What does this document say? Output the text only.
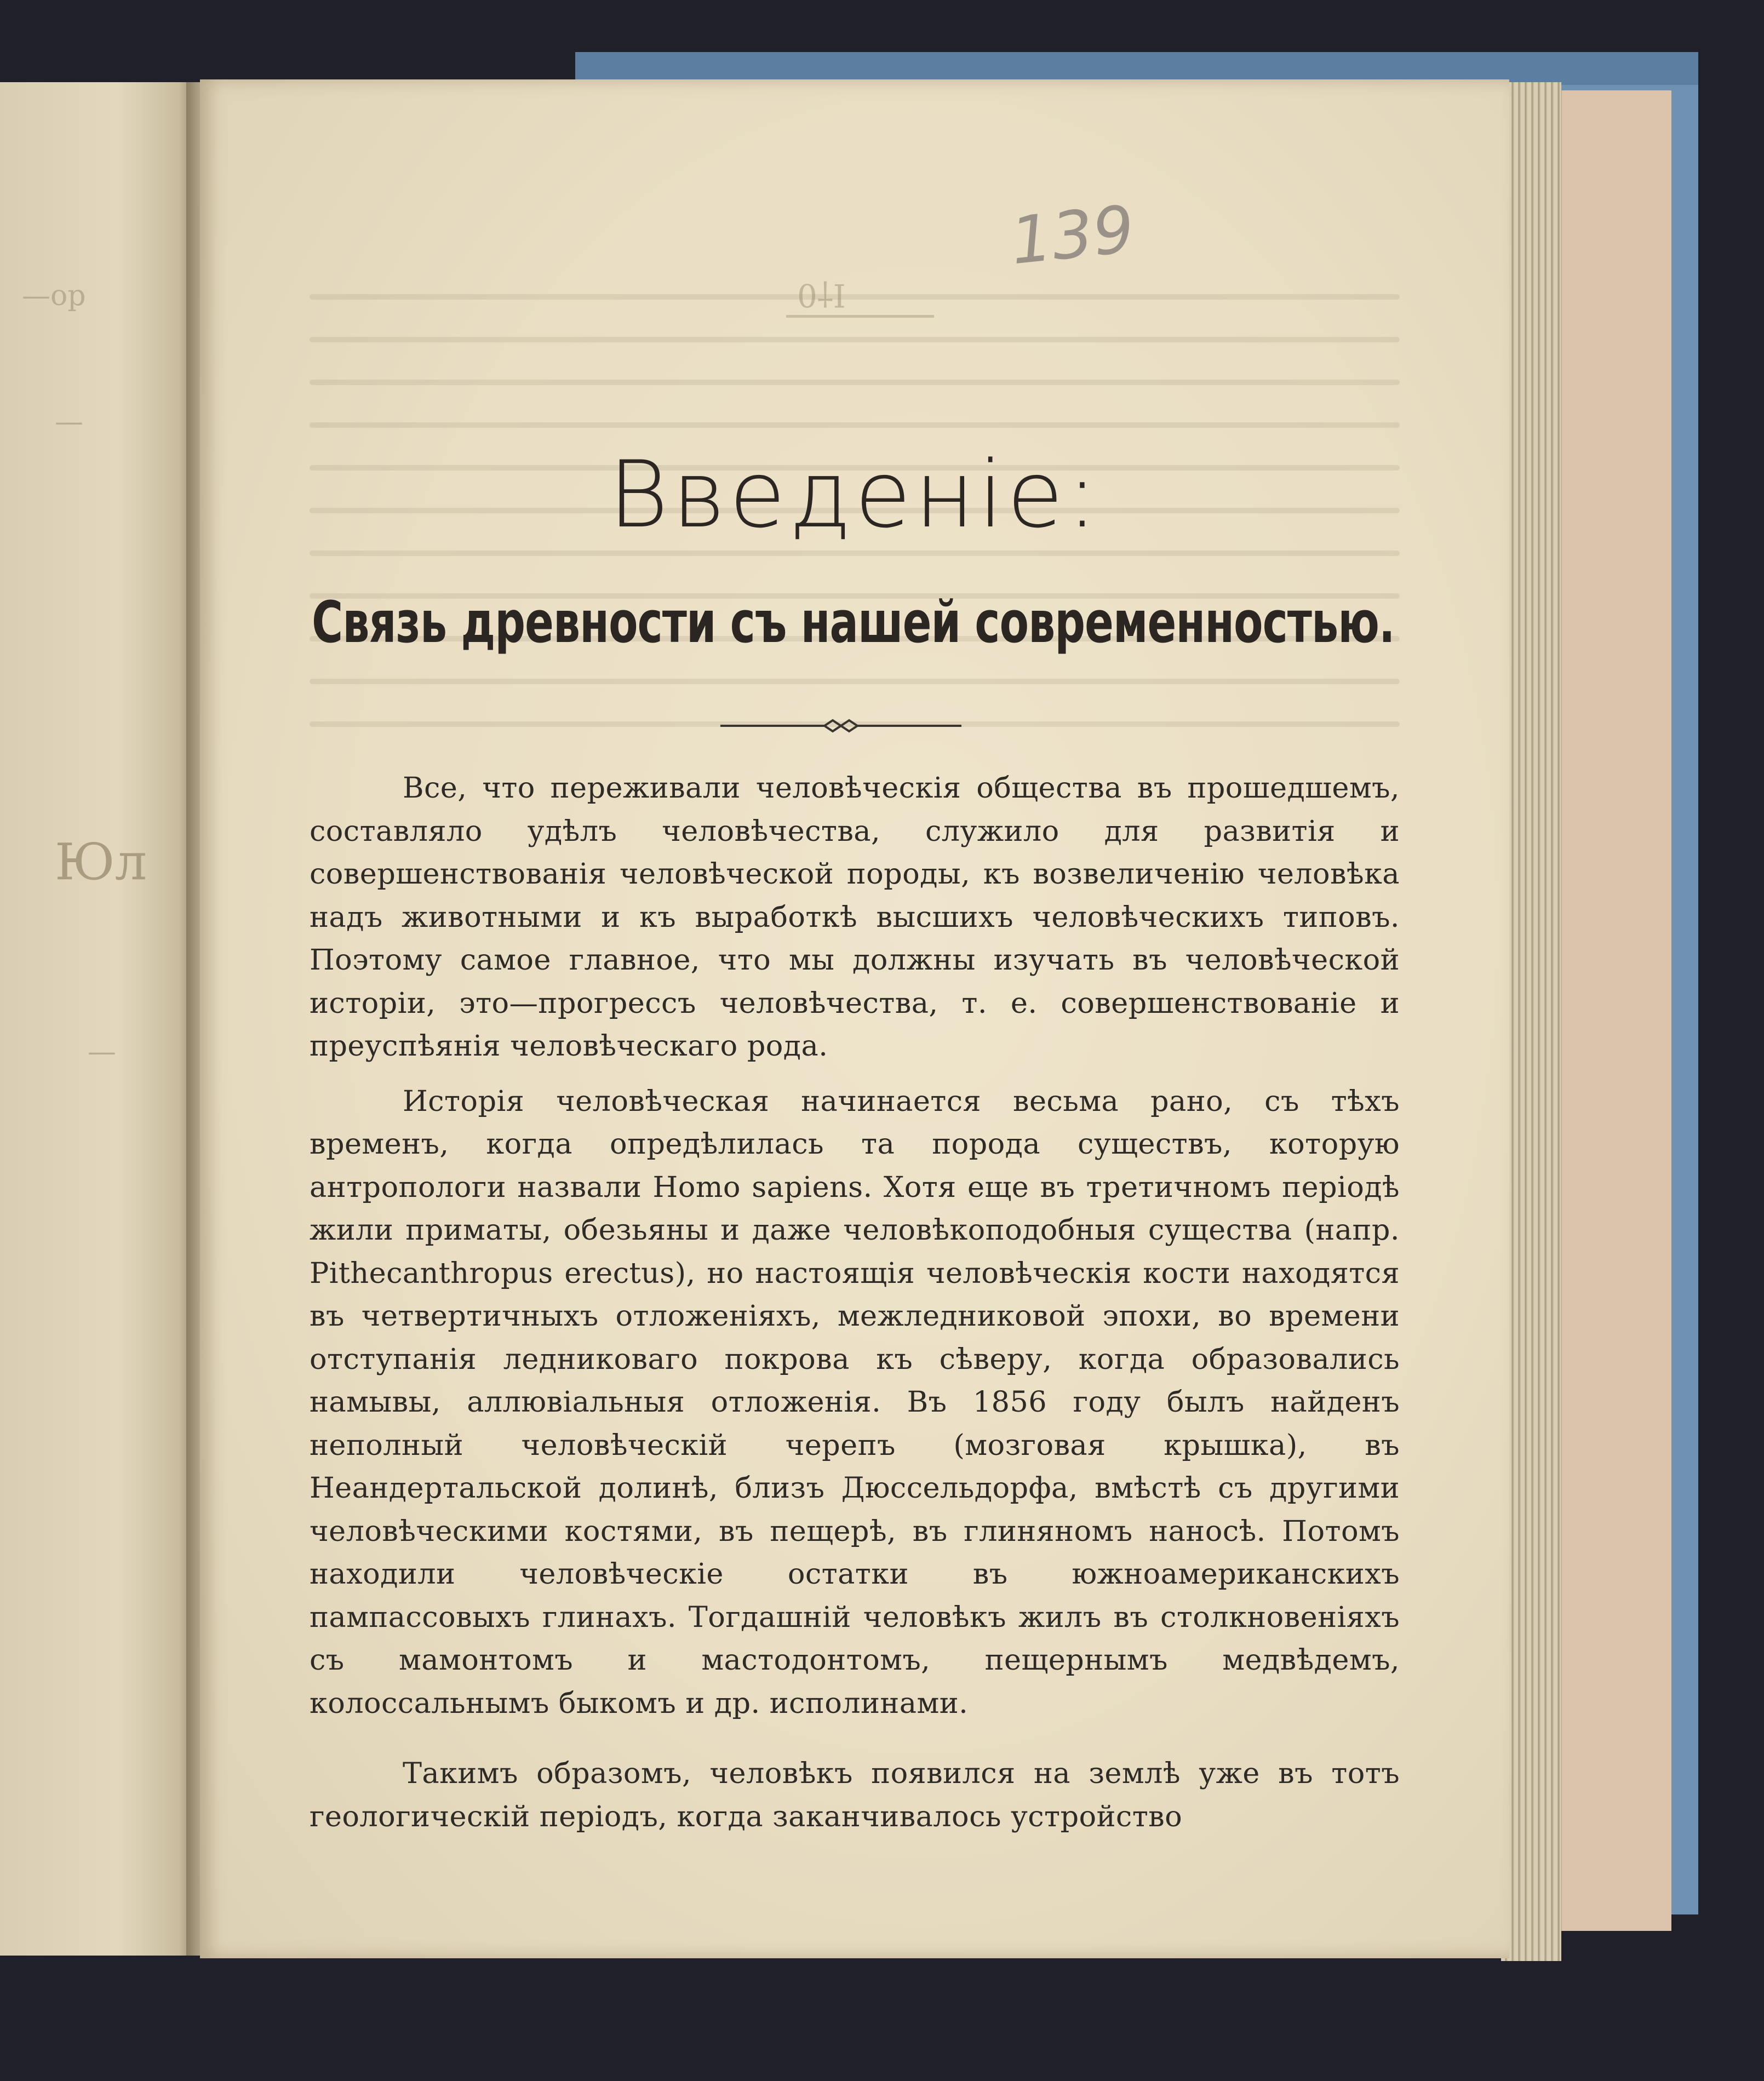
—ор
—
Юл
—
0†Ι
139
Введеніе:
Связь древности съ нашей современностью.

Все, что переживали человѣческія общества въ прошедшемъ, составляло удѣлъ человѣчества, служило для развитія и совершенствованія человѣческой породы, къ возвеличенію человѣка надъ животными и къ выработкѣ высшихъ человѣческихъ типовъ. Поэтому самое главное, что мы должны изучать въ человѣческой исторіи, это—прогрессъ человѣчества, т. е. совершенствованіе и преуспѣянія человѣческаго рода.

Исторія человѣческая начинается весьма рано, съ тѣхъ временъ, когда опредѣлилась та порода существъ, которую антропологи назвали Homo sapiens. Хотя еще въ третичномъ періодѣ жили приматы, обезьяны и даже человѣкоподобныя существа (напр. Pithecanthropus erectus), но настоящія человѣческія кости находятся въ четвертичныхъ отложеніяхъ, межледниковой эпохи, во времени отступанія ледниковаго покрова къ сѣверу, когда образовались намывы, аллювіальныя отложенія. Въ 1856 году былъ найденъ неполный человѣческій черепъ (мозговая крышка), въ Неандертальской долинѣ, близъ Дюссельдорфа, вмѣстѣ съ другими человѣческими костями, въ пещерѣ, въ глиняномъ наносѣ. Потомъ находили человѣческіе остатки въ южноамериканскихъ пампассовыхъ глинахъ. Тогдашній человѣкъ жилъ въ столкновеніяхъ съ мамонтомъ и мастодонтомъ, пещернымъ медвѣдемъ, колоссальнымъ быкомъ и др. исполинами.

Такимъ образомъ, человѣкъ появился на землѣ уже въ тотъ геологическій періодъ, когда заканчивалось устройство
